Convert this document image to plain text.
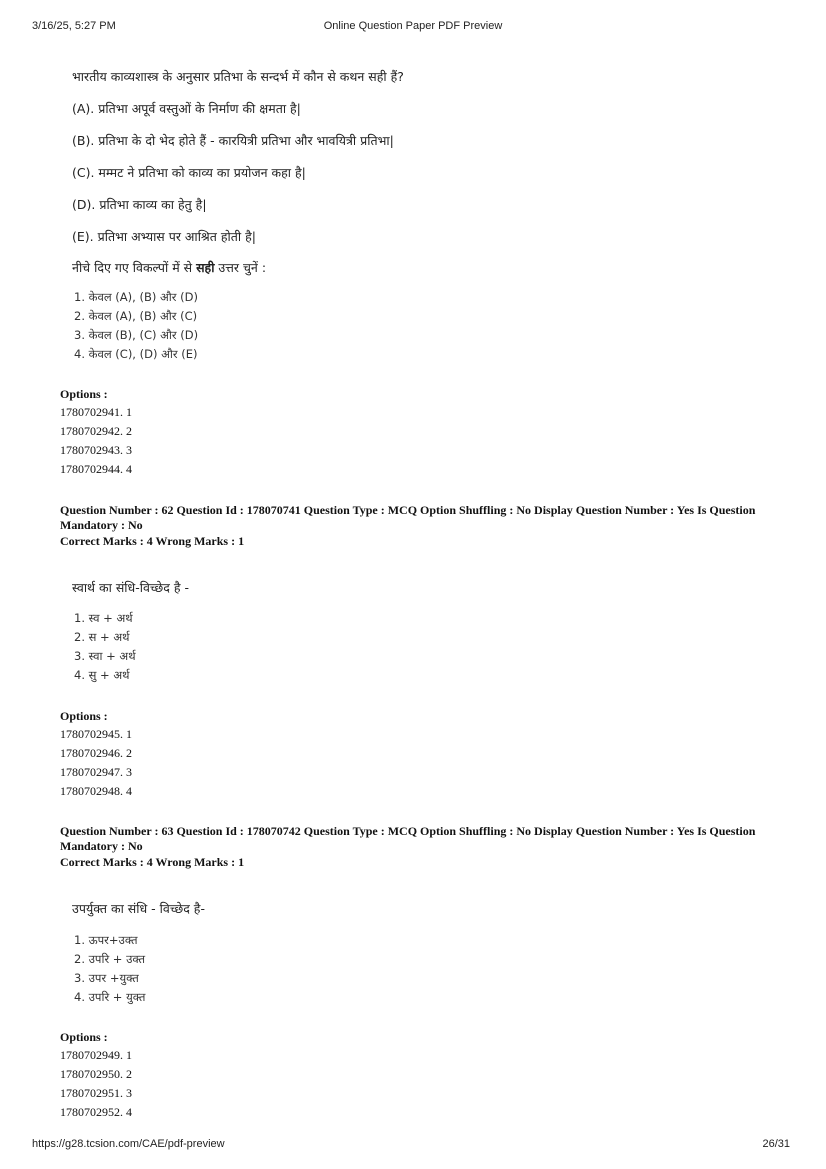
3/16/25, 5:27 PM	Online Question Paper PDF Preview
भारतीय काव्यशास्त्र के अनुसार प्रतिभा के सन्दर्भ में कौन से कथन सही हैं?
(A). प्रतिभा अपूर्व वस्तुओं के निर्माण की क्षमता है|
(B). प्रतिभा के दो भेद होते हैं - कारयित्री प्रतिभा और भावयित्री प्रतिभा|
(C). मम्मट ने प्रतिभा को काव्य का प्रयोजन कहा है|
(D). प्रतिभा काव्य का हेतु है|
(E). प्रतिभा अभ्यास पर आश्रित होती है|
नीचे दिए गए विकल्पों में से सही उत्तर चुनें :
1. केवल (A), (B) और (D)
2. केवल (A), (B) और (C)
3. केवल (B), (C) और (D)
4. केवल (C), (D) और (E)
Options :
1780702941. 1
1780702942. 2
1780702943. 3
1780702944. 4
Question Number : 62 Question Id : 178070741 Question Type : MCQ Option Shuffling : No Display Question Number : Yes Is Question Mandatory : No
Correct Marks : 4 Wrong Marks : 1
स्वार्थ का संधि-विच्छेद है -
1. स्व + अर्थ
2. स + अर्थ
3. स्वा + अर्थ
4. सु + अर्थ
Options :
1780702945. 1
1780702946. 2
1780702947. 3
1780702948. 4
Question Number : 63 Question Id : 178070742 Question Type : MCQ Option Shuffling : No Display Question Number : Yes Is Question Mandatory : No
Correct Marks : 4 Wrong Marks : 1
उपर्युक्त का संधि - विच्छेद है-
1. ऊपर+उक्त
2. उपरि + उक्त
3. उपर +युक्त
4. उपरि + युक्त
Options :
1780702949. 1
1780702950. 2
1780702951. 3
1780702952. 4
https://g28.tcsion.com/CAE/pdf-preview	26/31
